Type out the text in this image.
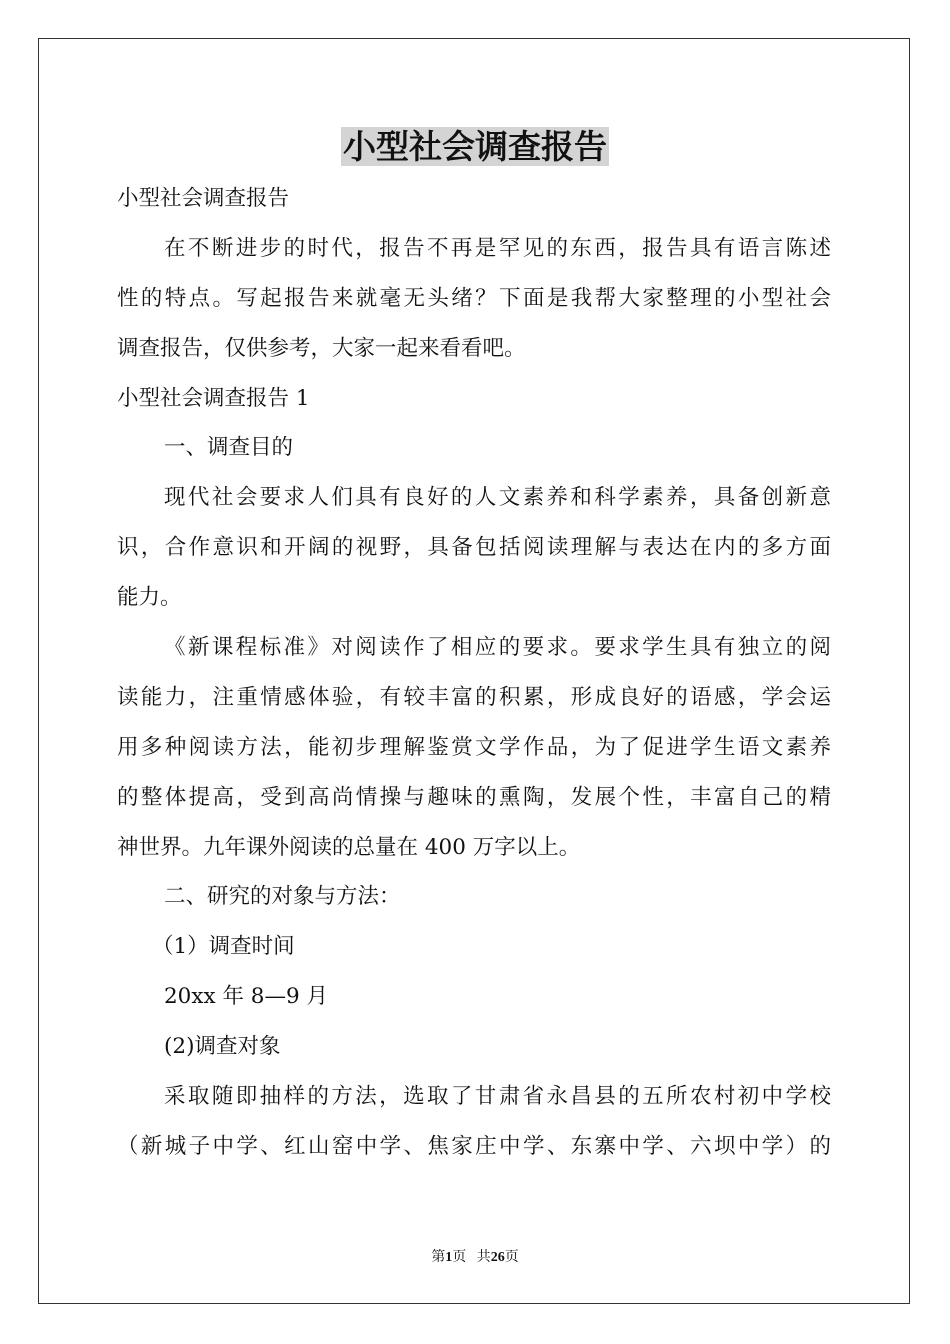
小型社会调查报告
小型社会调查报告
在不断进步的时代，报告不再是罕见的东西，报告具有语言陈述
性的特点。写起报告来就毫无头绪？下面是我帮大家整理的小型社会
调查报告，仅供参考，大家一起来看看吧。
小型社会调查报告 1
一、调查目的
现代社会要求人们具有良好的人文素养和科学素养，具备创新意
识，合作意识和开阔的视野，具备包括阅读理解与表达在内的多方面
能力。
《新课程标准》对阅读作了相应的要求。要求学生具有独立的阅
读能力，注重情感体验，有较丰富的积累，形成良好的语感，学会运
用多种阅读方法，能初步理解鉴赏文学作品，为了促进学生语文素养
的整体提高，受到高尚情操与趣味的熏陶，发展个性，丰富自己的精
神世界。九年课外阅读的总量在 400 万字以上。
二、研究的对象与方法：
（1）调查时间
20xx 年 8—9 月
(2)调查对象
采取随即抽样的方法，选取了甘肃省永昌县的五所农村初中学校
（新城子中学、红山窑中学、焦家庄中学、东寨中学、六坝中学）的
第1页 共26页
